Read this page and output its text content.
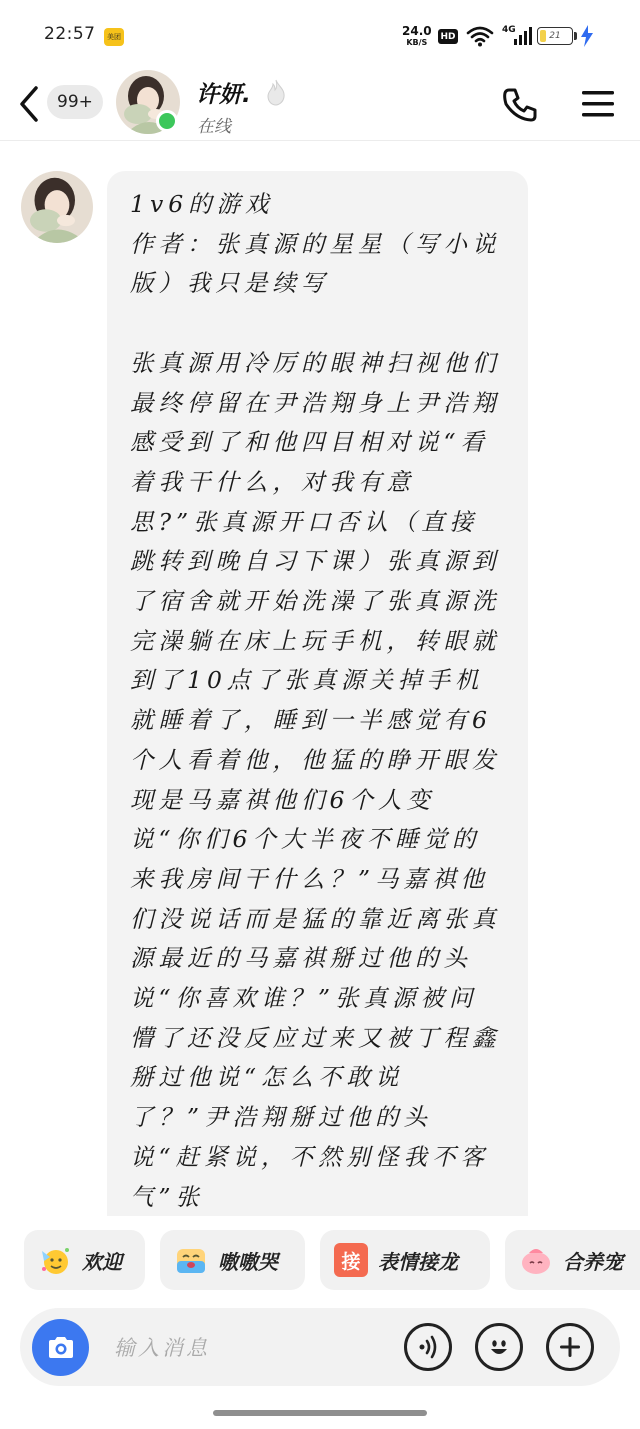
22:57	美团	24.0
KB/S
HD
4G
21
99+	许妍.
在线
1v6的游戏
作者：张真源的星星（写小说版）我只是续写

张真源用冷厉的眼神扫视他们最终停留在尹浩翔身上尹浩翔感受到了和他四目相对说“看着我干什么，对我有意思?”张真源开口否认（直接跳转到晚自习下课）张真源到了宿舍就开始洗澡了张真源洗完澡躺在床上玩手机，转眼就到了10点了张真源关掉手机就睡着了，睡到一半感觉有6个人看着他，他猛的睁开眼发现是马嘉祺他们6个人变说“你们6个大半夜不睡觉的来我房间干什么？”马嘉祺他们没说话而是猛的靠近离张真源最近的马嘉祺掰过他的头说“你喜欢谁？”张真源被问懵了还没反应过来又被丁程鑫掰过他说“怎么不敢说了？”尹浩翔掰过他的头说“赶紧说，不然别怪我不客气”张
欢迎	嗷嗷哭	接 表情接龙	合养宠
输入消息
